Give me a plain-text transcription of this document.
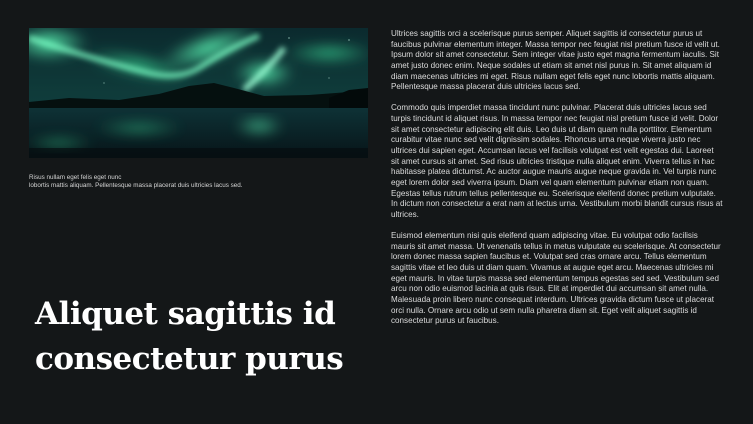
Risus nullam eget felis eget nunc
lobortis mattis aliquam. Pellentesque massa placerat duis ultricies lacus sed.
Aliquet sagittis id
consectetur purus

Ultrices sagittis orci a scelerisque purus semper. Aliquet sagittis id consectetur purus ut faucibus pulvinar elementum integer. Massa tempor nec feugiat nisl pretium fusce id velit ut. Ipsum dolor sit amet consectetur. Sem integer vitae justo eget magna fermentum iaculis. Sit amet justo donec enim. Neque sodales ut etiam sit amet nisl purus in. Sit amet aliquam id diam maecenas ultricies mi eget. Risus nullam eget felis eget nunc lobortis mattis aliquam. Pellentesque massa placerat duis ultricies lacus sed.

Commodo quis imperdiet massa tincidunt nunc pulvinar. Placerat duis ultricies lacus sed turpis tincidunt id aliquet risus. In massa tempor nec feugiat nisl pretium fusce id velit. Dolor sit amet consectetur adipiscing elit duis. Leo duis ut diam quam nulla porttitor. Elementum curabitur vitae nunc sed velit dignissim sodales. Rhoncus urna neque viverra justo nec ultrices dui sapien eget. Accumsan lacus vel facilisis volutpat est velit egestas dui. Laoreet sit amet cursus sit amet. Sed risus ultricies tristique nulla aliquet enim. Viverra tellus in hac habitasse platea dictumst. Ac auctor augue mauris augue neque gravida in. Vel turpis nunc eget lorem dolor sed viverra ipsum. Diam vel quam elementum pulvinar etiam non quam. Egestas tellus rutrum tellus pellentesque eu. Scelerisque eleifend donec pretium vulputate. In dictum non consectetur a erat nam at lectus urna. Vestibulum morbi blandit cursus risus at ultrices.

Euismod elementum nisi quis eleifend quam adipiscing vitae. Eu volutpat odio facilisis mauris sit amet massa. Ut venenatis tellus in metus vulputate eu scelerisque. At consectetur lorem donec massa sapien faucibus et. Volutpat sed cras ornare arcu. Tellus elementum sagittis vitae et leo duis ut diam quam. Vivamus at augue eget arcu. Maecenas ultricies mi eget mauris. In vitae turpis massa sed elementum tempus egestas sed sed. Vestibulum sed arcu non odio euismod lacinia at quis risus. Elit at imperdiet dui accumsan sit amet nulla. Malesuada proin libero nunc consequat interdum. Ultrices gravida dictum fusce ut placerat orci nulla. Ornare arcu odio ut sem nulla pharetra diam sit. Eget velit aliquet sagittis id consectetur purus ut faucibus.
